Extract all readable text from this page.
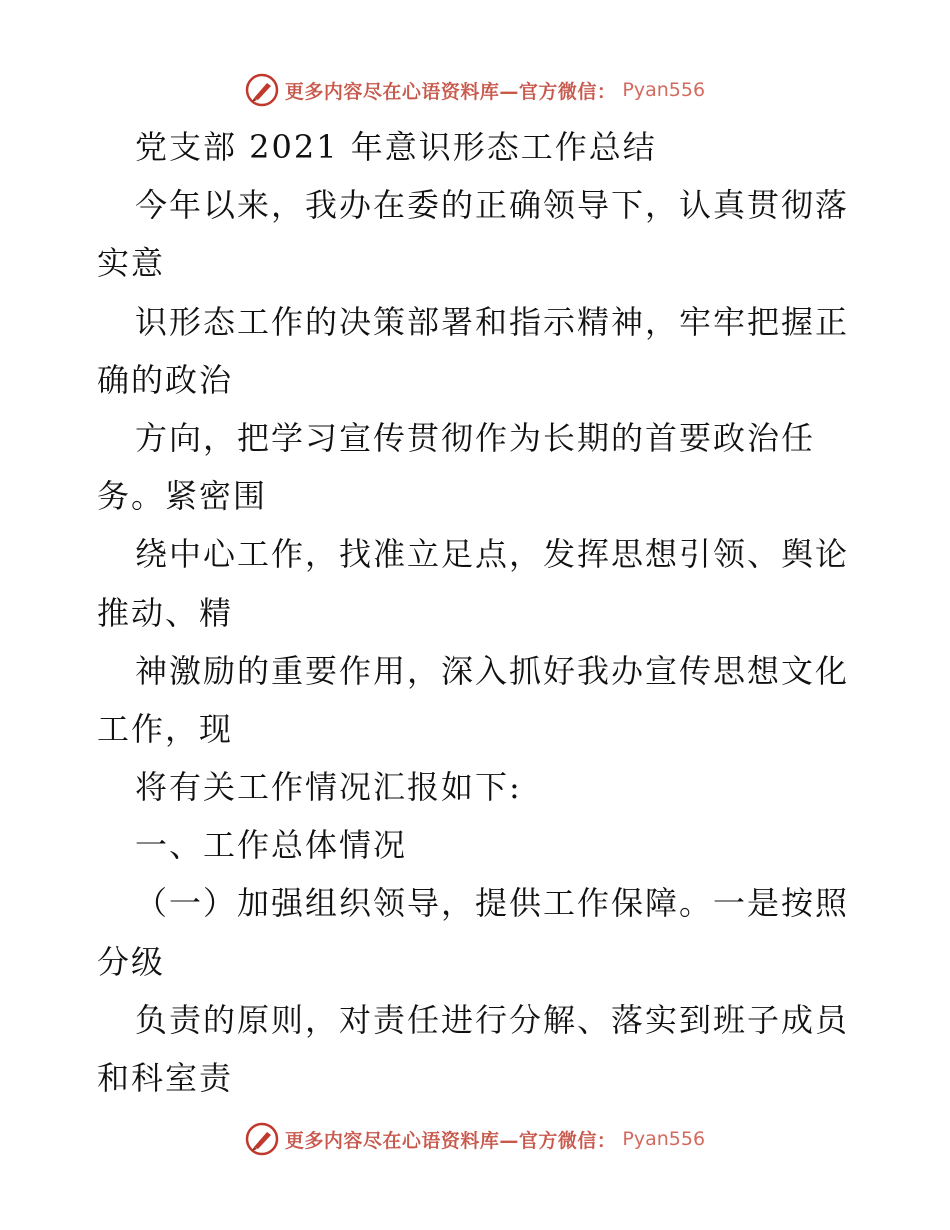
更多内容尽在心语资料库—官方微信： Pyan556
党支部 2021 年意识形态工作总结
今年以来，我办在委的正确领导下，认真贯彻落
实意
识形态工作的决策部署和指示精神，牢牢把握正
确的政治
方向，把学习宣传贯彻作为长期的首要政治任
务。紧密围
绕中心工作，找准立足点，发挥思想引领、舆论
推动、精
神激励的重要作用，深入抓好我办宣传思想文化
工作，现
将有关工作情况汇报如下:
一、工作总体情况
（一）加强组织领导，提供工作保障。一是按照
分级
负责的原则，对责任进行分解、落实到班子成员
和科室责
更多内容尽在心语资料库—官方微信： Pyan556
